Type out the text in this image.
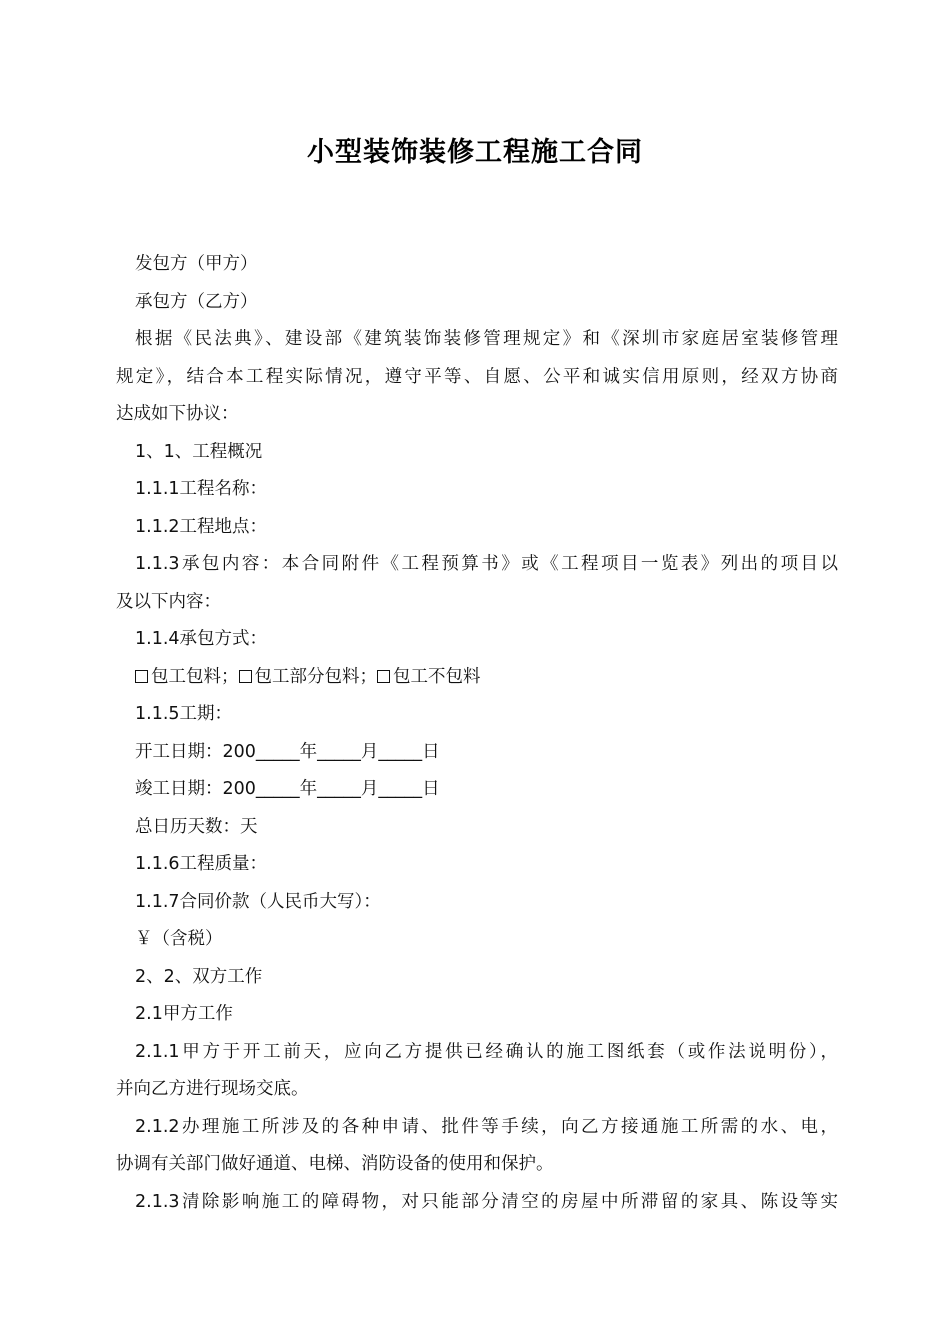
小型装饰装修工程施工合同
发包方（甲方）
承包方（乙方）
根据《民法典》、建设部《建筑装饰装修管理规定》和《深圳市家庭居室装修管理
规定》，结合本工程实际情况，遵守平等、自愿、公平和诚实信用原则，经双方协商
达成如下协议：
1、1、工程概况
1.1.1工程名称：
1.1.2工程地点：
1.1.3承包内容：本合同附件《工程预算书》或《工程项目一览表》列出的项目以
及以下内容：
1.1.4承包方式：
包工包料； 包工部分包料； 包工不包料
1.1.5工期：
开工日期：200_____年_____月_____日
竣工日期：200_____年_____月_____日
总日历天数：天
1.1.6工程质量：
1.1.7合同价款（人民币大写）：
￥（含税）
2、2、双方工作
2.1甲方工作
2.1.1甲方于开工前天，应向乙方提供已经确认的施工图纸套（或作法说明份），
并向乙方进行现场交底。
2.1.2办理施工所涉及的各种申请、批件等手续，向乙方接通施工所需的水、电，
协调有关部门做好通道、电梯、消防设备的使用和保护。
2.1.3清除影响施工的障碍物，对只能部分清空的房屋中所滞留的家具、陈设等实
